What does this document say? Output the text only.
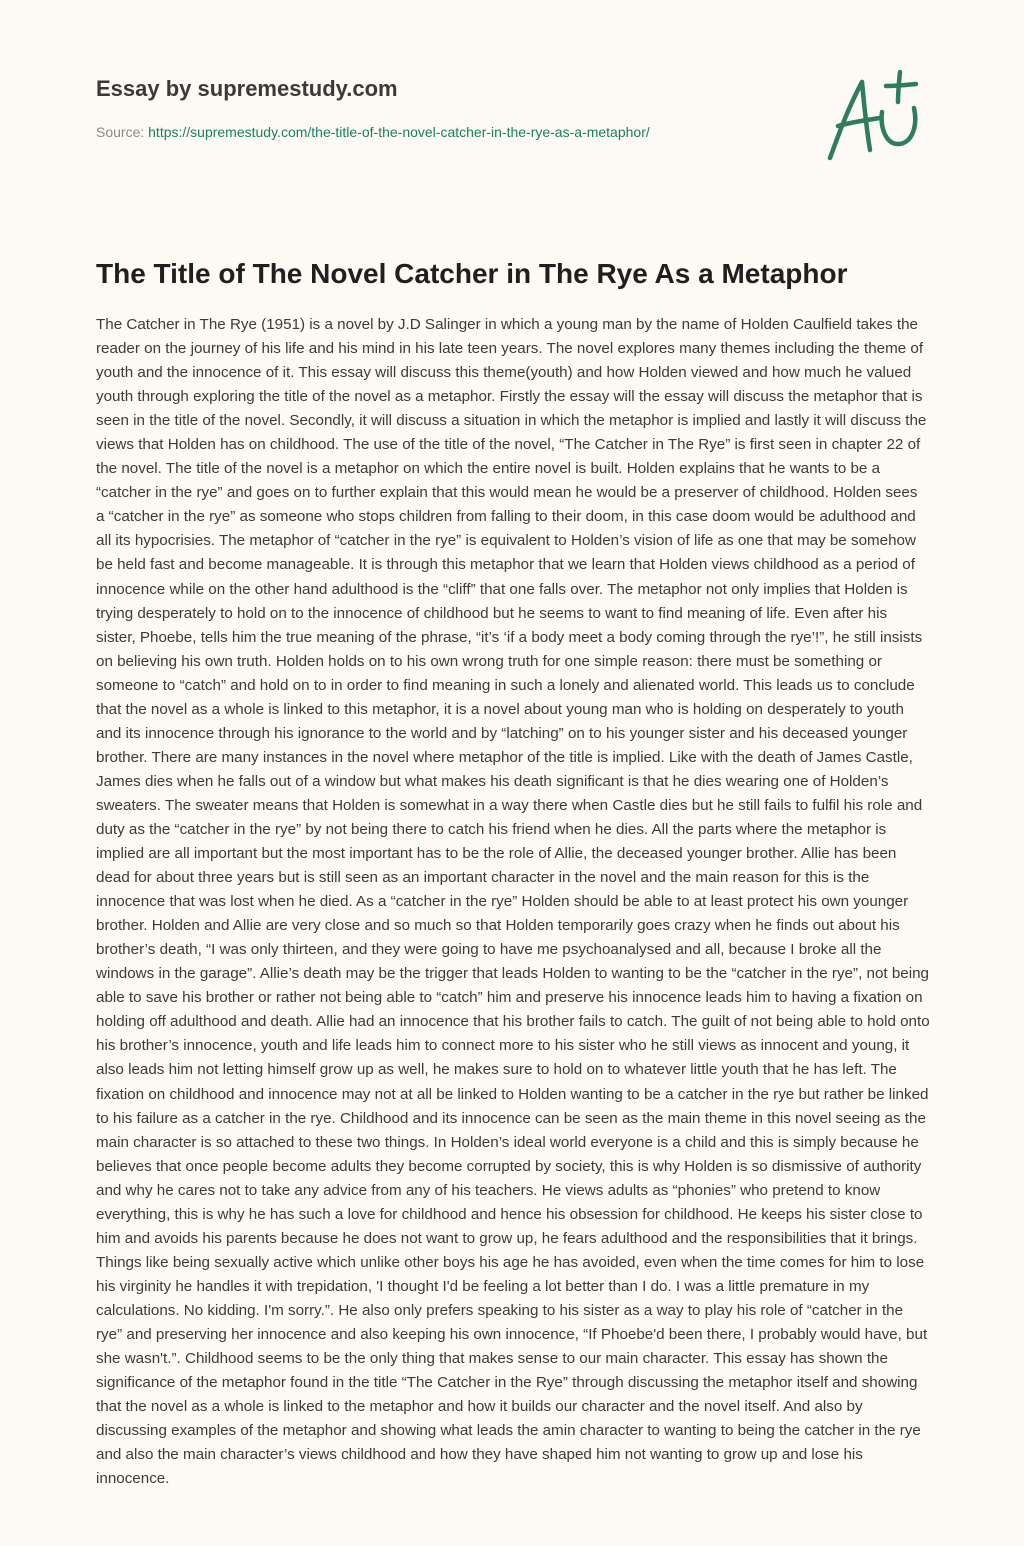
Essay by supremestudy.com
Source: https://supremestudy.com/the-title-of-the-novel-catcher-in-the-rye-as-a-metaphor/
The Title of The Novel Catcher in The Rye As a Metaphor

The Catcher in The Rye (1951) is a novel by J.D Salinger in which a young man by the name of Holden Caulfield takes the reader on the journey of his life and his mind in his late teen years. The novel explores many themes including the theme of youth and the innocence of it. This essay will discuss this theme(youth) and how Holden viewed and how much he valued youth through exploring the title of the novel as a metaphor. Firstly the essay will the essay will discuss the metaphor that is seen in the title of the novel. Secondly, it will discuss a situation in which the metaphor is implied and lastly it will discuss the views that Holden has on childhood. The use of the title of the novel, “The Catcher in The Rye” is first seen in chapter 22 of the novel. The title of the novel is a metaphor on which the entire novel is built. Holden explains that he wants to be a “catcher in the rye” and goes on to further explain that this would mean he would be a preserver of childhood. Holden sees a “catcher in the rye” as someone who stops children from falling to their doom, in this case doom would be adulthood and all its hypocrisies. The metaphor of “catcher in the rye” is equivalent to Holden’s vision of life as one that may be somehow be held fast and become manageable. It is through this metaphor that we learn that Holden views childhood as a period of innocence while on the other hand adulthood is the “cliff” that one falls over. The metaphor not only implies that Holden is trying desperately to hold on to the innocence of childhood but he seems to want to find meaning of life. Even after his sister, Phoebe, tells him the true meaning of the phrase, “it’s ‘if a body meet a body coming through the rye’!”, he still insists on believing his own truth. Holden holds on to his own wrong truth for one simple reason: there must be something or someone to “catch” and hold on to in order to find meaning in such a lonely and alienated world. This leads us to conclude that the novel as a whole is linked to this metaphor, it is a novel about young man who is holding on desperately to youth and its innocence through his ignorance to the world and by “latching” on to his younger sister and his deceased younger brother. There are many instances in the novel where metaphor of the title is implied. Like with the death of James Castle, James dies when he falls out of a window but what makes his death significant is that he dies wearing one of Holden’s sweaters. The sweater means that Holden is somewhat in a way there when Castle dies but he still fails to fulfil his role and duty as the “catcher in the rye” by not being there to catch his friend when he dies. All the parts where the metaphor is implied are all important but the most important has to be the role of Allie, the deceased younger brother. Allie has been dead for about three years but is still seen as an important character in the novel and the main reason for this is the innocence that was lost when he died. As a “catcher in the rye” Holden should be able to at least protect his own younger brother. Holden and Allie are very close and so much so that Holden temporarily goes crazy when he finds out about his brother’s death, “I was only thirteen, and they were going to have me psychoanalysed and all, because I broke all the windows in the garage”. Allie’s death may be the trigger that leads Holden to wanting to be the “catcher in the rye”, not being able to save his brother or rather not being able to “catch” him and preserve his innocence leads him to having a fixation on holding off adulthood and death. Allie had an innocence that his brother fails to catch. The guilt of not being able to hold onto his brother’s innocence, youth and life leads him to connect more to his sister who he still views as innocent and young, it also leads him not letting himself grow up as well, he makes sure to hold on to whatever little youth that he has left. The fixation on childhood and innocence may not at all be linked to Holden wanting to be a catcher in the rye but rather be linked to his failure as a catcher in the rye. Childhood and its innocence can be seen as the main theme in this novel seeing as the main character is so attached to these two things. In Holden’s ideal world everyone is a child and this is simply because he believes that once people become adults they become corrupted by society, this is why Holden is so dismissive of authority and why he cares not to take any advice from any of his teachers. He views adults as “phonies” who pretend to know everything, this is why he has such a love for childhood and hence his obsession for childhood. He keeps his sister close to him and avoids his parents because he does not want to grow up, he fears adulthood and the responsibilities that it brings. Things like being sexually active which unlike other boys his age he has avoided, even when the time comes for him to lose his virginity he handles it with trepidation, 'I thought I'd be feeling a lot better than I do. I was a little premature in my calculations. No kidding. I'm sorry.”. He also only prefers speaking to his sister as a way to play his role of “catcher in the rye” and preserving her innocence and also keeping his own innocence, “If Phoebe'd been there, I probably would have, but she wasn't.”. Childhood seems to be the only thing that makes sense to our main character. This essay has shown the significance of the metaphor found in the title “The Catcher in the Rye” through discussing the metaphor itself and showing that the novel as a whole is linked to the metaphor and how it builds our character and the novel itself. And also by discussing examples of the metaphor and showing what leads the amin character to wanting to being the catcher in the rye and also the main character’s views childhood and how they have shaped him not wanting to grow up and lose his innocence.
